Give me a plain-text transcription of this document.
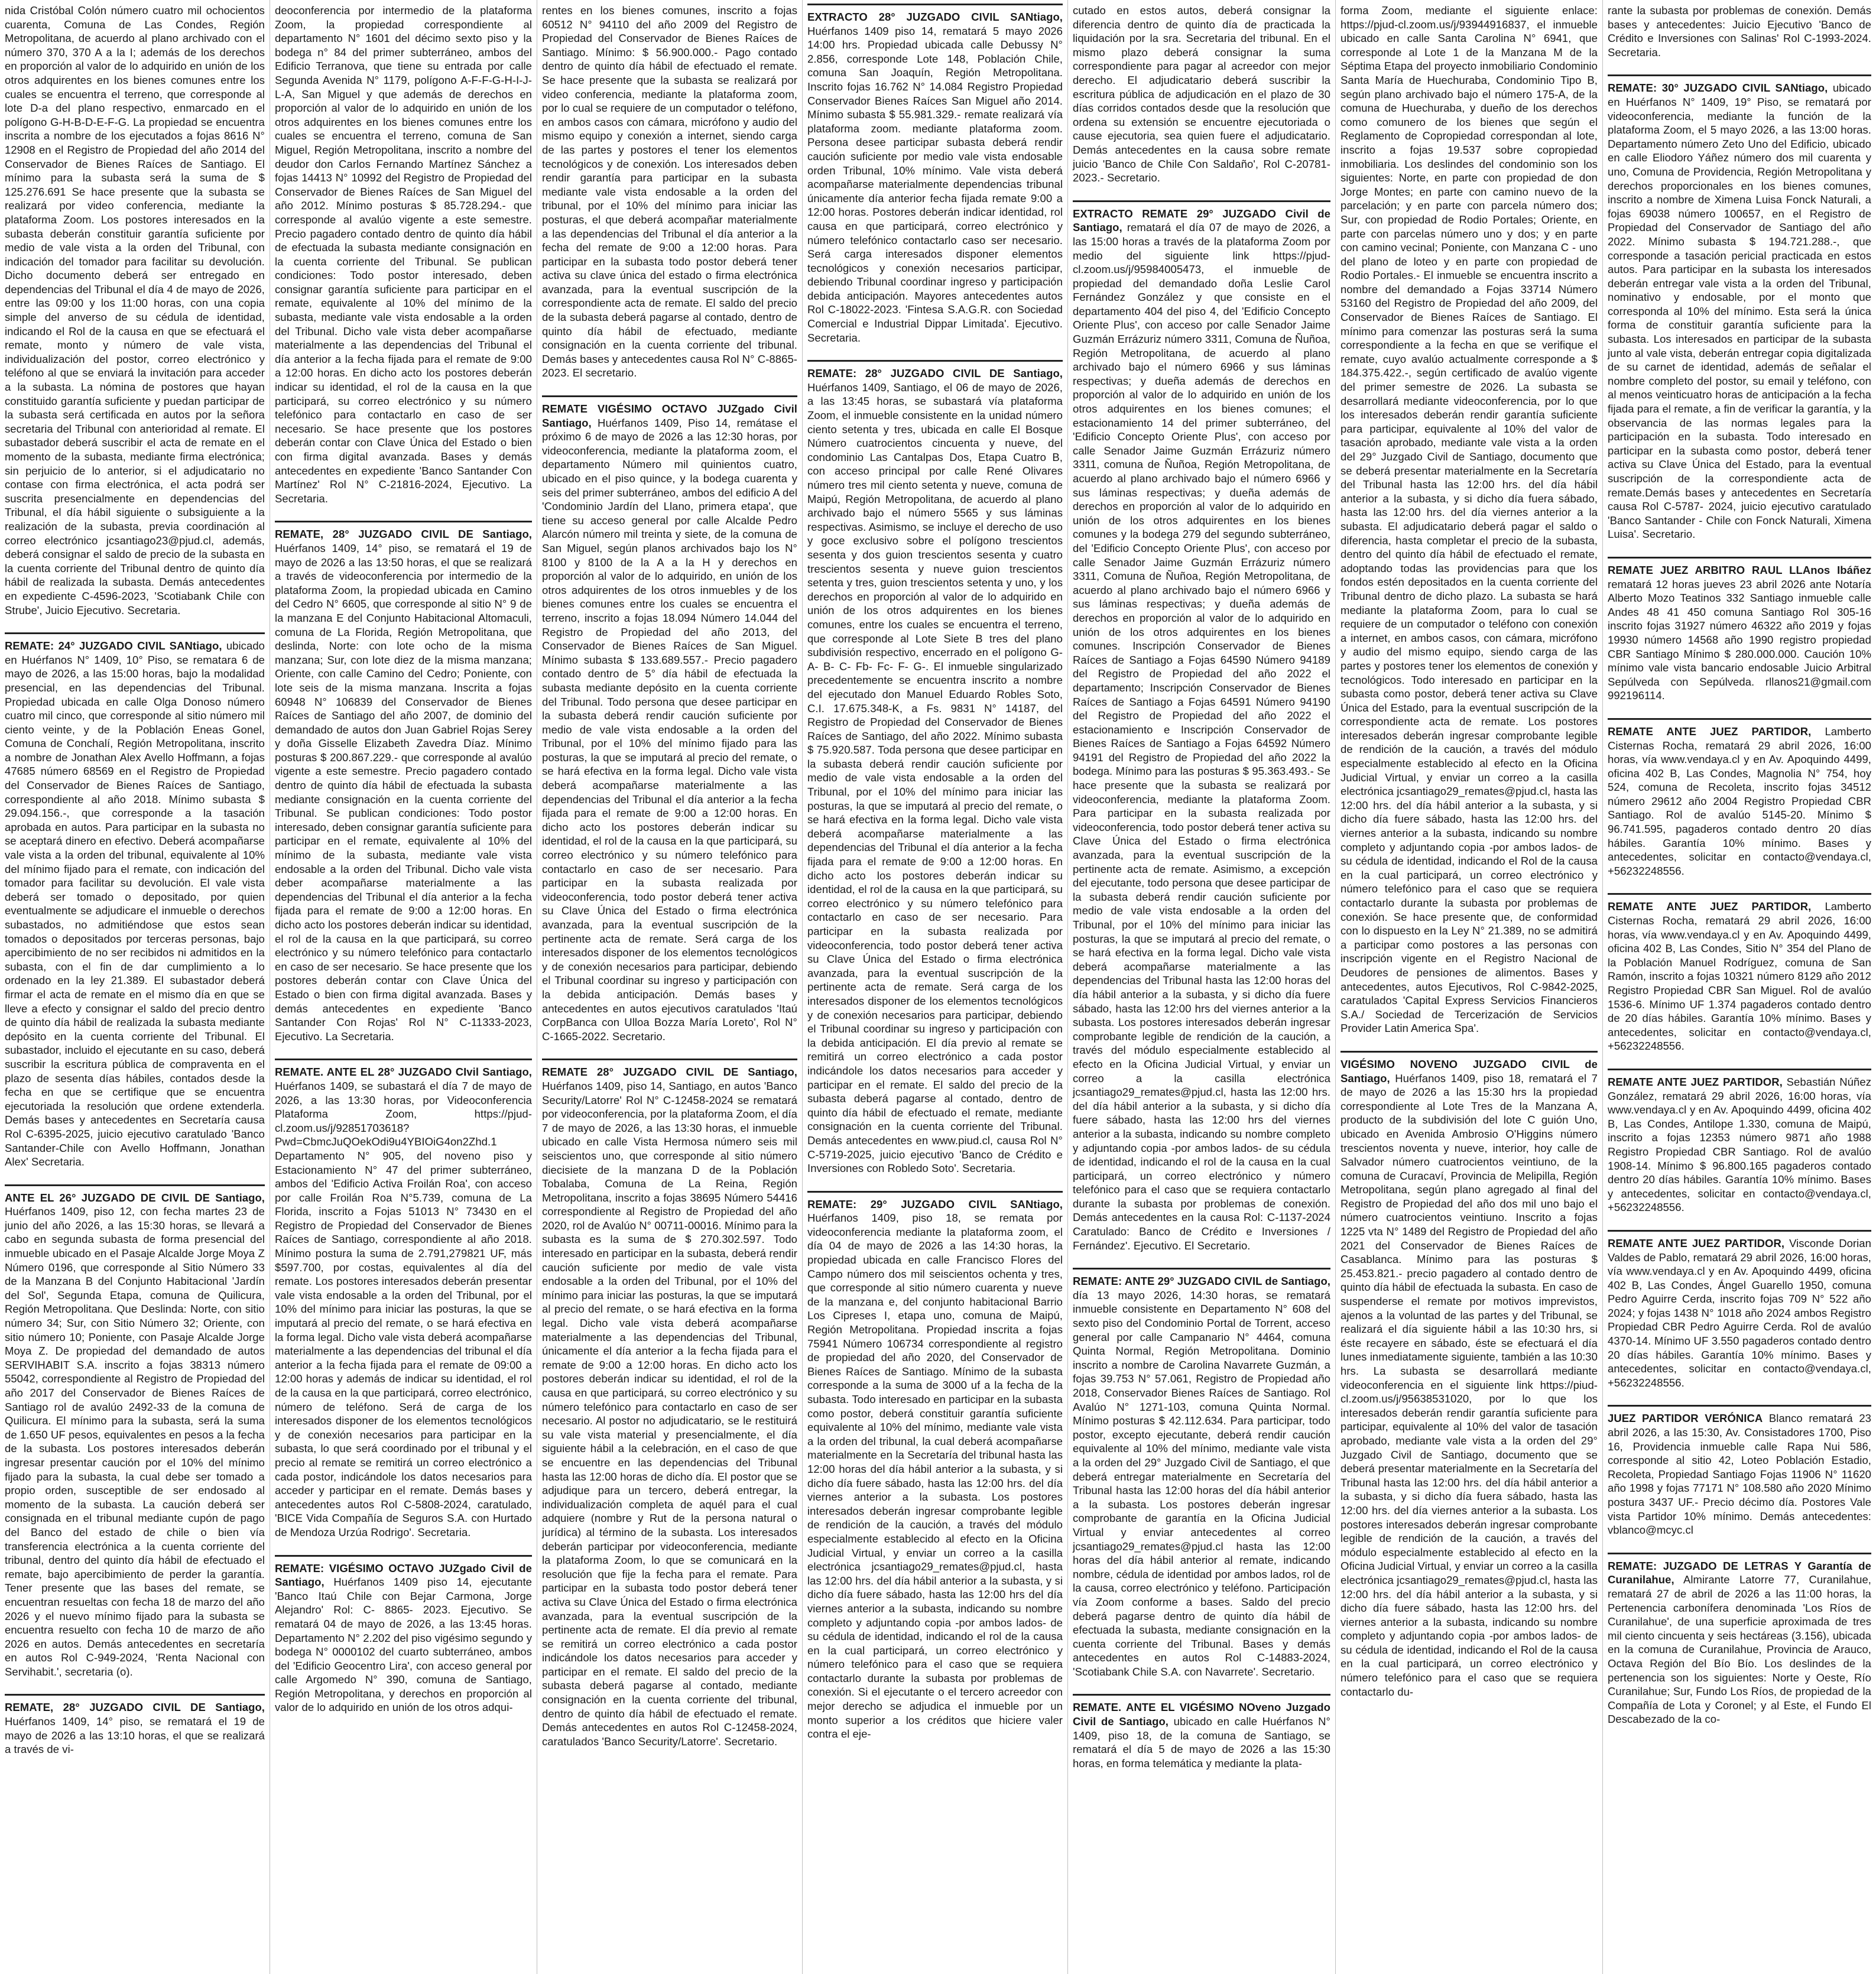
nida Cristóbal Colón número cuatro mil ochocientos cuarenta, Comuna de Las Condes, Región Metropolitana, de acuerdo al plano archivado con el número 370, 370 A a la I; además de los derechos en proporción al valor de lo adquirido en unión de los otros adquirentes en los bienes comunes entre los cuales se encuentra el terreno, que corresponde al lote D-a del plano respectivo, enmarcado en el polígono G-H-B-D-E-F-G. La propiedad se encuentra inscrita a nombre de los ejecutados a fojas 8616 N° 12908 en el Registro de Propiedad del año 2014 del Conservador de Bienes Raíces de Santiago. El mínimo para la subasta será la suma de $ 125.276.691 Se hace presente que la subasta se realizará por video conferencia, mediante la plataforma Zoom. Los postores interesados en la subasta deberán constituir garantía suficiente por medio de vale vista a la orden del Tribunal, con indicación del tomador para facilitar su devolución. Dicho documento deberá ser entregado en dependencias del Tribunal el día 4 de mayo de 2026, entre las 09:00 y los 11:00 horas, con una copia simple del anverso de su cédula de identidad, indicando el Rol de la causa en que se efectuará el remate, monto y número de vale vista, individualización del postor, correo electrónico y teléfono al que se enviará la invitación para acceder a la subasta. La nómina de postores que hayan constituido garantía suficiente y puedan participar de la subasta será certificada en autos por la señora secretaria del Tribunal con anterioridad al remate. El subastador deberá suscribir el acta de remate en el momento de la subasta, mediante firma electrónica; sin perjuicio de lo anterior, si el adjudicatario no contase con firma electrónica, el acta podrá ser suscrita presencialmente en dependencias del Tribunal, el día hábil siguiente o subsiguiente a la realización de la subasta, previa coordinación al correo electrónico jcsantiago23@pjud.cl, además, deberá consignar el saldo de precio de la subasta en la cuenta corriente del Tribunal dentro de quinto día hábil de realizada la subasta. Demás antecedentes en expediente C-4596-2023, 'Scotiabank Chile con Strube', Juicio Ejecutivo. Secretaria.

REMATE: 24° JUZGADO CIVIL SANtiago, ubicado en Huérfanos N° 1409, 10° Piso, se rematara 6 de mayo de 2026, a las 15:00 horas, bajo la modalidad presencial, en las dependencias del Tribunal. Propiedad ubicada en calle Olga Donoso número cuatro mil cinco, que corresponde al sitio número mil ciento veinte, y de la Población Eneas Gonel, Comuna de Conchalí, Región Metropolitana, inscrito a nombre de Jonathan Alex Avello Hoffmann, a fojas 47685 número 68569 en el Registro de Propiedad del Conservador de Bienes Raíces de Santiago, correspondiente al año 2018. Mínimo subasta $ 29.094.156.-, que corresponde a la tasación aprobada en autos. Para participar en la subasta no se aceptará dinero en efectivo. Deberá acompañarse vale vista a la orden del tribunal, equivalente al 10% del mínimo fijado para el remate, con indicación del tomador para facilitar su devolución. El vale vista deberá ser tomado o depositado, por quien eventualmente se adjudicare el inmueble o derechos subastados, no admitiéndose que estos sean tomados o depositados por terceras personas, bajo apercibimiento de no ser recibidos ni admitidos en la subasta, con el fin de dar cumplimiento a lo ordenado en la ley 21.389. El subastador deberá firmar el acta de remate en el mismo día en que se lleve a efecto y consignar el saldo del precio dentro de quinto día hábil de realizada la subasta mediante depósito en la cuenta corriente del Tribunal. El subastador, incluido el ejecutante en su caso, deberá suscribir la escritura pública de compraventa en el plazo de sesenta días hábiles, contados desde la fecha en que se certifique que se encuentra ejecutoriada la resolución que ordene extenderla. Demás bases y antecedentes en Secretaría causa Rol C-6395-2025, juicio ejecutivo caratulado 'Banco Santander-Chile con Avello Hoffmann, Jonathan Alex' Secretaria.

ANTE EL 26° JUZGADO DE CIVIL DE Santiago, Huérfanos 1409, piso 12, con fecha martes 23 de junio del año 2026, a las 15:30 horas, se llevará a cabo en segunda subasta de forma presencial del inmueble ubicado en el Pasaje Alcalde Jorge Moya Z Número 0196, que corresponde al Sitio Número 33 de la Manzana B del Conjunto Habitacional 'Jardín del Sol', Segunda Etapa, comuna de Quilicura, Región Metropolitana. Que Deslinda: Norte, con sitio número 34; Sur, con Sitio Número 32; Oriente, con sitio número 10; Poniente, con Pasaje Alcalde Jorge Moya Z. De propiedad del demandado de autos SERVIHABIT S.A. inscrito a fojas 38313 número 55042, correspondiente al Registro de Propiedad del año 2017 del Conservador de Bienes Raíces de Santiago rol de avalúo 2492-33 de la comuna de Quilicura. El mínimo para la subasta, será la suma de 1.650 UF pesos, equivalentes en pesos a la fecha de la subasta. Los postores interesados deberán ingresar presentar caución por el 10% del mínimo fijado para la subasta, la cual debe ser tomado a propio orden, susceptible de ser endosado al momento de la subasta. La caución deberá ser consignada en el tribunal mediante cupón de pago del Banco del estado de chile o bien vía transferencia electrónica a la cuenta corriente del tribunal, dentro del quinto día hábil de efectuado el remate, bajo apercibimiento de perder la garantía. Tener presente que las bases del remate, se encuentran resueltas con fecha 18 de marzo del año 2026 y el nuevo mínimo fijado para la subasta se encuentra resuelto con fecha 10 de marzo de año 2026 en autos. Demás antecedentes en secretaría en autos Rol C-949-2024, 'Renta Nacional con Servihabit.', secretaria (o).

REMATE, 28° JUZGADO CIVIL DE Santiago, Huérfanos 1409, 14° piso, se rematará el 19 de mayo de 2026 a las 13:10 horas, el que se realizará a través de vi-

deoconferencia por intermedio de la plataforma Zoom, la propiedad correspondiente al departamento N° 1601 del décimo sexto piso y la bodega n° 84 del primer subterráneo, ambos del Edificio Terranova, que tiene su entrada por calle Segunda Avenida N° 1179, polígono A-F-F-G-H-I-J-L-A, San Miguel y que además de derechos en proporción al valor de lo adquirido en unión de los otros adquirentes en los bienes comunes entre los cuales se encuentra el terreno, comuna de San Miguel, Región Metropolitana, inscrito a nombre del deudor don Carlos Fernando Martínez Sánchez a fojas 14413 N° 10992 del Registro de Propiedad del Conservador de Bienes Raíces de San Miguel del año 2012. Mínimo posturas $ 85.728.294.- que corresponde al avalúo vigente a este semestre. Precio pagadero contado dentro de quinto día hábil de efectuada la subasta mediante consignación en la cuenta corriente del Tribunal. Se publican condiciones: Todo postor interesado, deben consignar garantía suficiente para participar en el remate, equivalente al 10% del mínimo de la subasta, mediante vale vista endosable a la orden del Tribunal. Dicho vale vista deber acompañarse materialmente a las dependencias del Tribunal el día anterior a la fecha fijada para el remate de 9:00 a 12:00 horas. En dicho acto los postores deberán indicar su identidad, el rol de la causa en la que participará, su correo electrónico y su número telefónico para contactarlo en caso de ser necesario. Se hace presente que los postores deberán contar con Clave Única del Estado o bien con firma digital avanzada. Bases y demás antecedentes en expediente 'Banco Santander Con Martínez' Rol N° C-21816-2024, Ejecutivo. La Secretaria.

REMATE, 28° JUZGADO CIVIL DE Santiago, Huérfanos 1409, 14° piso, se rematará el 19 de mayo de 2026 a las 13:50 horas, el que se realizará a través de videoconferencia por intermedio de la plataforma Zoom, la propiedad ubicada en Camino del Cedro N° 6605, que corresponde al sitio N° 9 de la manzana E del Conjunto Habitacional Altomaculi, comuna de La Florida, Región Metropolitana, que deslinda, Norte: con lote ocho de la misma manzana; Sur, con lote diez de la misma manzana; Oriente, con calle Camino del Cedro; Poniente, con lote seis de la misma manzana. Inscrita a fojas 60948 N° 106839 del Conservador de Bienes Raíces de Santiago del año 2007, de dominio del demandado de autos don Juan Gabriel Rojas Serey y doña Gisselle Elizabeth Zavedra Díaz. Mínimo posturas $ 200.867.229.- que corresponde al avalúo vigente a este semestre. Precio pagadero contado dentro de quinto día hábil de efectuada la subasta mediante consignación en la cuenta corriente del Tribunal. Se publican condiciones: Todo postor interesado, deben consignar garantía suficiente para participar en el remate, equivalente al 10% del mínimo de la subasta, mediante vale vista endosable a la orden del Tribunal. Dicho vale vista deber acompañarse materialmente a las dependencias del Tribunal el día anterior a la fecha fijada para el remate de 9:00 a 12:00 horas. En dicho acto los postores deberán indicar su identidad, el rol de la causa en la que participará, su correo electrónico y su número telefónico para contactarlo en caso de ser necesario. Se hace presente que los postores deberán contar con Clave Única del Estado o bien con firma digital avanzada. Bases y demás antecedentes en expediente 'Banco Santander Con Rojas' Rol N° C-11333-2023, Ejecutivo. La Secretaria.

REMATE. ANTE EL 28° JUZGADO CIvil Santiago, Huérfanos 1409, se subastará el día 7 de mayo de 2026, a las 13:30 horas, por Videoconferencia Plataforma Zoom, https://pjud-cl.zoom.us/j/92851703618? Pwd=CbmcJuQOekOdi9u4YBIOiG4on2Zhd.1 Departamento N° 905, del noveno piso y Estacionamiento N° 47 del primer subterráneo, ambos del 'Edificio Activa Froilán Roa', con acceso por calle Froilán Roa N°5.739, comuna de La Florida, inscrito a Fojas 51013 N° 73430 en el Registro de Propiedad del Conservador de Bienes Raíces de Santiago, correspondiente al año 2018. Mínimo postura la suma de 2.791,279821 UF, más $597.700, por costas, equivalentes al día del remate. Los postores interesados deberán presentar vale vista endosable a la orden del Tribunal, por el 10% del mínimo para iniciar las posturas, la que se imputará al precio del remate, o se hará efectiva en la forma legal. Dicho vale vista deberá acompañarse materialmente a las dependencias del tribunal el día anterior a la fecha fijada para el remate de 09:00 a 12:00 horas y además de indicar su identidad, el rol de la causa en la que participará, correo electrónico, número de teléfono. Será de carga de los interesados disponer de los elementos tecnológicos y de conexión necesarios para participar en la subasta, lo que será coordinado por el tribunal y el precio al remate se remitirá un correo electrónico a cada postor, indicándole los datos necesarios para acceder y participar en el remate. Demás bases y antecedentes autos Rol C-5808-2024, caratulado, 'BICE Vida Compañía de Seguros S.A. con Hurtado de Mendoza Urzúa Rodrigo'. Secretaria.

REMATE: VIGÉSIMO OCTAVO JUZgado Civil de Santiago, Huérfanos 1409 piso 14, ejecutante 'Banco Itaú Chile con Bejar Carmona, Jorge Alejandro' Rol: C- 8865- 2023. Ejecutivo. Se rematará 04 de mayo de 2026, a las 13:45 horas. Departamento N° 2.202 del piso vigésimo segundo y bodega N° 0000102 del cuarto subterráneo, ambos del 'Edificio Geocentro Lira', con acceso general por calle Argomedo N° 390, comuna de Santiago, Región Metropolitana, y derechos en proporción al valor de lo adquirido en unión de los otros adqui-

rentes en los bienes comunes, inscrito a fojas 60512 N° 94110 del año 2009 del Registro de Propiedad del Conservador de Bienes Raíces de Santiago. Mínimo: $ 56.900.000.- Pago contado dentro de quinto día hábil de efectuado el remate. Se hace presente que la subasta se realizará por video conferencia, mediante la plataforma zoom, por lo cual se requiere de un computador o teléfono, en ambos casos con cámara, micrófono y audio del mismo equipo y conexión a internet, siendo carga de las partes y postores el tener los elementos tecnológicos y de conexión. Los interesados deben rendir garantía para participar en la subasta mediante vale vista endosable a la orden del tribunal, por el 10% del mínimo para iniciar las posturas, el que deberá acompañar materialmente a las dependencias del Tribunal el día anterior a la fecha del remate de 9:00 a 12:00 horas. Para participar en la subasta todo postor deberá tener activa su clave única del estado o firma electrónica avanzada, para la eventual suscripción de la correspondiente acta de remate. El saldo del precio de la subasta deberá pagarse al contado, dentro de quinto día hábil de efectuado, mediante consignación en la cuenta corriente del tribunal. Demás bases y antecedentes causa Rol N° C-8865-2023. El secretario.

REMATE VIGÉSIMO OCTAVO JUZgado Civil Santiago, Huérfanos 1409, Piso 14, remátase el próximo 6 de mayo de 2026 a las 12:30 horas, por videoconferencia, mediante la plataforma zoom, el departamento Número mil quinientos cuatro, ubicado en el piso quince, y la bodega cuarenta y seis del primer subterráneo, ambos del edificio A del 'Condominio Jardín del Llano, primera etapa', que tiene su acceso general por calle Alcalde Pedro Alarcón número mil treinta y siete, de la comuna de San Miguel, según planos archivados bajo los N° 8100 y 8100 de la A a la H y derechos en proporción al valor de lo adquirido, en unión de los otros adquirentes de los otros inmuebles y de los bienes comunes entre los cuales se encuentra el terreno, inscrito a fojas 18.094 Número 14.044 del Registro de Propiedad del año 2013, del Conservador de Bienes Raíces de San Miguel. Mínimo subasta $ 133.689.557.- Precio pagadero contado dentro de 5° día hábil de efectuada la subasta mediante depósito en la cuenta corriente del Tribunal. Todo persona que desee participar en la subasta deberá rendir caución suficiente por medio de vale vista endosable a la orden del Tribunal, por el 10% del mínimo fijado para las posturas, la que se imputará al precio del remate, o se hará efectiva en la forma legal. Dicho vale vista deberá acompañarse materialmente a las dependencias del Tribunal el día anterior a la fecha fijada para el remate de 9:00 a 12:00 horas. En dicho acto los postores deberán indicar su identidad, el rol de la causa en la que participará, su correo electrónico y su número telefónico para contactarlo en caso de ser necesario. Para participar en la subasta realizada por videoconferencia, todo postor deberá tener activa su Clave Única del Estado o firma electrónica avanzada, para la eventual suscripción de la pertinente acta de remate. Será carga de los interesados disponer de los elementos tecnológicos y de conexión necesarios para participar, debiendo el Tribunal coordinar su ingreso y participación con la debida anticipación. Demás bases y antecedentes en autos ejecutivos caratulados 'Itaú CorpBanca con Ulloa Bozza María Loreto', Rol N° C-1665-2022. Secretario.

REMATE 28° JUZGADO CIVIL DE Santiago, Huérfanos 1409, piso 14, Santiago, en autos 'Banco Security/Latorre' Rol N° C-12458-2024 se rematará por videoconferencia, por la plataforma Zoom, el día 7 de mayo de 2026, a las 13:30 horas, el inmueble ubicado en calle Vista Hermosa número seis mil seiscientos uno, que corresponde al sitio número diecisiete de la manzana D de la Población Tobalaba, Comuna de La Reina, Región Metropolitana, inscrito a fojas 38695 Número 54416 correspondiente al Registro de Propiedad del año 2020, rol de Avalúo N° 00711-00016. Mínimo para la subasta es la suma de $ 270.302.597. Todo interesado en participar en la subasta, deberá rendir caución suficiente por medio de vale vista endosable a la orden del Tribunal, por el 10% del mínimo para iniciar las posturas, la que se imputará al precio del remate, o se hará efectiva en la forma legal. Dicho vale vista deberá acompañarse materialmente a las dependencias del Tribunal, únicamente el día anterior a la fecha fijada para el remate de 9:00 a 12:00 horas. En dicho acto los postores deberán indicar su identidad, el rol de la causa en que participará, su correo electrónico y su número telefónico para contactarlo en caso de ser necesario. Al postor no adjudicatario, se le restituirá su vale vista material y presencialmente, el día siguiente hábil a la celebración, en el caso de que se encuentre en las dependencias del Tribunal hasta las 12:00 horas de dicho día. El postor que se adjudique para un tercero, deberá entregar, la individualización completa de aquél para el cual adquiere (nombre y Rut de la persona natural o jurídica) al término de la subasta. Los interesados deberán participar por videoconferencia, mediante la plataforma Zoom, lo que se comunicará en la resolución que fije la fecha para el remate. Para participar en la subasta todo postor deberá tener activa su Clave Única del Estado o firma electrónica avanzada, para la eventual suscripción de la pertinente acta de remate. El día previo al remate se remitirá un correo electrónico a cada postor indicándole los datos necesarios para acceder y participar en el remate. El saldo del precio de la subasta deberá pagarse al contado, mediante consignación en la cuenta corriente del tribunal, dentro de quinto día hábil de efectuado el remate. Demás antecedentes en autos Rol C-12458-2024, caratulados 'Banco Security/Latorre'. Secretario.

EXTRACTO 28° JUZGADO CIVIL SANtiago, Huérfanos 1409 piso 14, rematará 5 mayo 2026 14:00 hrs. Propiedad ubicada calle Debussy N° 2.856, corresponde Lote 148, Población Chile, comuna San Joaquín, Región Metropolitana. Inscrito fojas 16.762 N° 14.084 Registro Propiedad Conservador Bienes Raíces San Miguel año 2014. Mínimo subasta $ 55.981.329.- remate realizará vía plataforma zoom. mediante plataforma zoom. Persona desee participar subasta deberá rendir caución suficiente por medio vale vista endosable orden Tribunal, 10% mínimo. Vale vista deberá acompañarse materialmente dependencias tribunal únicamente día anterior fecha fijada remate 9:00 a 12:00 horas. Postores deberán indicar identidad, rol causa en que participará, correo electrónico y número telefónico contactarlo caso ser necesario. Será carga interesados disponer elementos tecnológicos y conexión necesarios participar, debiendo Tribunal coordinar ingreso y participación debida anticipación. Mayores antecedentes autos Rol C-18022-2023. 'Fintesa S.A.G.R. con Sociedad Comercial e Industrial Dippar Limitada'. Ejecutivo. Secretaria.

REMATE: 28° JUZGADO CIVIL DE Santiago, Huérfanos 1409, Santiago, el 06 de mayo de 2026, a las 13:45 horas, se subastará vía plataforma Zoom, el inmueble consistente en la unidad número ciento setenta y tres, ubicada en calle El Bosque Número cuatrocientos cincuenta y nueve, del condominio Las Cantalpas Dos, Etapa Cuatro B, con acceso principal por calle René Olivares número tres mil ciento setenta y nueve, comuna de Maipú, Región Metropolitana, de acuerdo al plano archivado bajo el número 5565 y sus láminas respectivas. Asimismo, se incluye el derecho de uso y goce exclusivo sobre el polígono trescientos sesenta y dos guion trescientos sesenta y cuatro trescientos sesenta y nueve guion trescientos setenta y tres, guion trescientos setenta y uno, y los derechos en proporción al valor de lo adquirido en unión de los otros adquirentes en los bienes comunes, entre los cuales se encuentra el terreno, que corresponde al Lote Siete B tres del plano subdivisión respectivo, encerrado en el polígono G- A- B- C- Fb- Fc- F- G-. El inmueble singularizado precedentemente se encuentra inscrito a nombre del ejecutado don Manuel Eduardo Robles Soto, C.I. 17.675.348-K, a Fs. 9831 N° 14187, del Registro de Propiedad del Conservador de Bienes Raíces de Santiago, del año 2022. Mínimo subasta $ 75.920.587. Toda persona que desee participar en la subasta deberá rendir caución suficiente por medio de vale vista endosable a la orden del Tribunal, por el 10% del mínimo para iniciar las posturas, la que se imputará al precio del remate, o se hará efectiva en la forma legal. Dicho vale vista deberá acompañarse materialmente a las dependencias del Tribunal el día anterior a la fecha fijada para el remate de 9:00 a 12:00 horas. En dicho acto los postores deberán indicar su identidad, el rol de la causa en la que participará, su correo electrónico y su número telefónico para contactarlo en caso de ser necesario. Para participar en la subasta realizada por videoconferencia, todo postor deberá tener activa su Clave Única del Estado o firma electrónica avanzada, para la eventual suscripción de la pertinente acta de remate. Será carga de los interesados disponer de los elementos tecnológicos y de conexión necesarios para participar, debiendo el Tribunal coordinar su ingreso y participación con la debida anticipación. El día previo al remate se remitirá un correo electrónico a cada postor indicándole los datos necesarios para acceder y participar en el remate. El saldo del precio de la subasta deberá pagarse al contado, dentro de quinto día hábil de efectuado el remate, mediante consignación en la cuenta corriente del Tribunal. Demás antecedentes en www.piud.cl, causa Rol N° C-5719-2025, juicio ejecutivo 'Banco de Crédito e Inversiones con Robledo Soto'. Secretaria.

REMATE: 29° JUZGADO CIVIL SANtiago, Huérfanos 1409, piso 18, se remata por videoconferencia mediante la plataforma zoom, el día 04 de mayo de 2026 a las 14:30 horas, la propiedad ubicada en calle Francisco Flores del Campo número dos mil seiscientos ochenta y tres, que corresponde al sitio número cuarenta y nueve de la manzana e, del conjunto habitacional Barrio Los Cipreses I, etapa uno, comuna de Maipú, Región Metropolitana. Propiedad inscrita a fojas 75941 Número 106734 correspondiente al registro de propiedad del año 2020, del Conservador de Bienes Raíces de Santiago. Mínimo de la subasta corresponde a la suma de 3000 uf a la fecha de la subasta. Todo interesado en participar en la subasta como postor, deberá constituir garantía suficiente equivalente al 10% del mínimo, mediante vale vista a la orden del tribunal, la cual deberá acompañarse materialmente en la Secretaría del tribunal hasta las 12:00 horas del día hábil anterior a la subasta, y si dicho día fuere sábado, hasta las 12:00 hrs. del día viernes anterior a la subasta. Los postores interesados deberán ingresar comprobante legible de rendición de la caución, a través del módulo especialmente establecido al efecto en la Oficina Judicial Virtual, y enviar un correo a la casilla electrónica jcsantiago29_remates@pjud.cl, hasta las 12:00 hrs. del día hábil anterior a la subasta, y si dicho día fuere sábado, hasta las 12:00 hrs del día viernes anterior a la subasta, indicando su nombre completo y adjuntando copia -por ambos lados- de su cédula de identidad, indicando el rol de la causa en la cual participará, un correo electrónico y número telefónico para el caso que se requiera contactarlo durante la subasta por problemas de conexión. Si el ejecutante o el tercero acreedor con mejor derecho se adjudica el inmueble por un monto superior a los créditos que hiciere valer contra el eje-

cutado en estos autos, deberá consignar la diferencia dentro de quinto día de practicada la liquidación por la sra. Secretaria del tribunal. En el mismo plazo deberá consignar la suma correspondiente para pagar al acreedor con mejor derecho. El adjudicatario deberá suscribir la escritura pública de adjudicación en el plazo de 30 días corridos contados desde que la resolución que ordena su extensión se encuentre ejecutoriada o cause ejecutoria, sea quien fuere el adjudicatario. Demás antecedentes en la causa sobre remate juicio 'Banco de Chile Con Saldaño', Rol C-20781-2023.- Secretario.

EXTRACTO REMATE 29° JUZGADO Civil de Santiago, rematará el día 07 de mayo de 2026, a las 15:00 horas a través de la plataforma Zoom por medio del siguiente link https://pjud-cl.zoom.us/j/95984005473, el inmueble de propiedad del demandado doña Leslie Carol Fernández González y que consiste en el departamento 404 del piso 4, del 'Edificio Concepto Oriente Plus', con acceso por calle Senador Jaime Guzmán Errázuriz número 3311, Comuna de Ñuñoa, Región Metropolitana, de acuerdo al plano archivado bajo el número 6966 y sus láminas respectivas; y dueña además de derechos en proporción al valor de lo adquirido en unión de los otros adquirentes en los bienes comunes; el estacionamiento 14 del primer subterráneo, del 'Edificio Concepto Oriente Plus', con acceso por calle Senador Jaime Guzmán Errázuriz número 3311, comuna de Ñuñoa, Región Metropolitana, de acuerdo al plano archivado bajo el número 6966 y sus láminas respectivas; y dueña además de derechos en proporción al valor de lo adquirido en unión de los otros adquirentes en los bienes comunes y la bodega 279 del segundo subterráneo, del 'Edificio Concepto Oriente Plus', con acceso por calle Senador Jaime Guzmán Errázuriz número 3311, Comuna de Ñuñoa, Región Metropolitana, de acuerdo al plano archivado bajo el número 6966 y sus láminas respectivas; y dueña además de derechos en proporción al valor de lo adquirido en unión de los otros adquirentes en los bienes comunes. Inscripción Conservador de Bienes Raíces de Santiago a Fojas 64590 Número 94189 del Registro de Propiedad del año 2022 el departamento; Inscripción Conservador de Bienes Raíces de Santiago a Fojas 64591 Número 94190 del Registro de Propiedad del año 2022 el estacionamiento e Inscripción Conservador de Bienes Raíces de Santiago a Fojas 64592 Número 94191 del Registro de Propiedad del año 2022 la bodega. Mínimo para las posturas $ 95.363.493.- Se hace presente que la subasta se realizará por videoconferencia, mediante la plataforma Zoom. Para participar en la subasta realizada por videoconferencia, todo postor deberá tener activa su Clave Única del Estado o firma electrónica avanzada, para la eventual suscripción de la pertinente acta de remate. Asimismo, a excepción del ejecutante, todo persona que desee participar de la subasta deberá rendir caución suficiente por medio de vale vista endosable a la orden del Tribunal, por el 10% del mínimo para iniciar las posturas, la que se imputará al precio del remate, o se hará efectiva en la forma legal. Dicho vale vista deberá acompañarse materialmente a las dependencias del Tribunal hasta las 12:00 horas del día hábil anterior a la subasta, y si dicho día fuere sábado, hasta las 12:00 hrs del viernes anterior a la subasta. Los postores interesados deberán ingresar comprobante legible de rendición de la caución, a través del módulo especialmente establecido al efecto en la Oficina Judicial Virtual, y enviar un correo a la casilla electrónica jcsantiago29_remates@pjud.cl, hasta las 12:00 hrs. del día hábil anterior a la subasta, y si dicho día fuere sábado, hasta las 12:00 hrs del viernes anterior a la subasta, indicando su nombre completo y adjuntando copia -por ambos lados- de su cédula de identidad, indicando el rol de la causa en la cual participará, un correo electrónico y número telefónico para el caso que se requiera contactarlo durante la subasta por problemas de conexión. Demás antecedentes en la causa Rol: C-1137-2024 Caratulado: Banco de Crédito e Inversiones / Fernández'. Ejecutivo. El Secretario.

REMATE: ANTE 29° JUZGADO CIVIL de Santiago, día 13 mayo 2026, 14:30 horas, se rematará inmueble consistente en Departamento N° 608 del sexto piso del Condominio Portal de Torrent, acceso general por calle Campanario N° 4464, comuna Quinta Normal, Región Metropolitana. Dominio inscrito a nombre de Carolina Navarrete Guzmán, a fojas 39.753 N° 57.061, Registro de Propiedad año 2018, Conservador Bienes Raíces de Santiago. Rol Avalúo N° 1271-103, comuna Quinta Normal. Mínimo posturas $ 42.112.634. Para participar, todo postor, excepto ejecutante, deberá rendir caución equivalente al 10% del mínimo, mediante vale vista a la orden del 29° Juzgado Civil de Santiago, el que deberá entregar materialmente en Secretaría del Tribunal hasta las 12:00 horas del día hábil anterior a la subasta. Los postores deberán ingresar comprobante de garantía en la Oficina Judicial Virtual y enviar antecedentes al correo jcsantiago29_remates@pjud.cl hasta las 12:00 horas del día hábil anterior al remate, indicando nombre, cédula de identidad por ambos lados, rol de la causa, correo electrónico y teléfono. Participación vía Zoom conforme a bases. Saldo del precio deberá pagarse dentro de quinto día hábil de efectuada la subasta, mediante consignación en la cuenta corriente del Tribunal. Bases y demás antecedentes en autos Rol C-14883-2024, 'Scotiabank Chile S.A. con Navarrete'. Secretario.

REMATE. ANTE EL VIGÉSIMO NOveno Juzgado Civil de Santiago, ubicado en calle Huérfanos N° 1409, piso 18, de la comuna de Santiago, se rematará el día 5 de mayo de 2026 a las 15:30 horas, en forma telemática y mediante la plata-

forma Zoom, mediante el siguiente enlace: https://pjud-cl.zoom.us/j/93944916837, el inmueble ubicado en calle Santa Carolina N° 6941, que corresponde al Lote 1 de la Manzana M de la Séptima Etapa del proyecto inmobiliario Condominio Santa María de Huechuraba, Condominio Tipo B, según plano archivado bajo el número 175-A, de la comuna de Huechuraba, y dueño de los derechos como comunero de los bienes que según el Reglamento de Copropiedad correspondan al lote, inscrito a fojas 19.537 sobre copropiedad inmobiliaria. Los deslindes del condominio son los siguientes: Norte, en parte con propiedad de don Jorge Montes; en parte con camino nuevo de la parcelación; y en parte con parcela número dos; Sur, con propiedad de Rodio Portales; Oriente, en parte con parcelas número uno y dos; y en parte con camino vecinal; Poniente, con Manzana C - uno del plano de loteo y en parte con propiedad de Rodio Portales.- El inmueble se encuentra inscrito a nombre del demandado a Fojas 33714 Número 53160 del Registro de Propiedad del año 2009, del Conservador de Bienes Raíces de Santiago. El mínimo para comenzar las posturas será la suma correspondiente a la fecha en que se verifique el remate, cuyo avalúo actualmente corresponde a $ 184.375.422.-, según certificado de avalúo vigente del primer semestre de 2026. La subasta se desarrollará mediante videoconferencia, por lo que los interesados deberán rendir garantía suficiente para participar, equivalente al 10% del valor de tasación aprobado, mediante vale vista a la orden del 29° Juzgado Civil de Santiago, documento que se deberá presentar materialmente en la Secretaría del Tribunal hasta las 12:00 hrs. del día hábil anterior a la subasta, y si dicho día fuera sábado, hasta las 12:00 hrs. del día viernes anterior a la subasta. El adjudicatario deberá pagar el saldo o diferencia, hasta completar el precio de la subasta, dentro del quinto día hábil de efectuado el remate, adoptando todas las providencias para que los fondos estén depositados en la cuenta corriente del Tribunal dentro de dicho plazo. La subasta se hará mediante la plataforma Zoom, para lo cual se requiere de un computador o teléfono con conexión a internet, en ambos casos, con cámara, micrófono y audio del mismo equipo, siendo carga de las partes y postores tener los elementos de conexión y tecnológicos. Todo interesado en participar en la subasta como postor, deberá tener activa su Clave Única del Estado, para la eventual suscripción de la correspondiente acta de remate. Los postores interesados deberán ingresar comprobante legible de rendición de la caución, a través del módulo especialmente establecido al efecto en la Oficina Judicial Virtual, y enviar un correo a la casilla electrónica jcsantiago29_remates@pjud.cl, hasta las 12:00 hrs. del día hábil anterior a la subasta, y si dicho día fuere sábado, hasta las 12:00 hrs. del viernes anterior a la subasta, indicando su nombre completo y adjuntando copia -por ambos lados- de su cédula de identidad, indicando el Rol de la causa en la cual participará, un correo electrónico y número telefónico para el caso que se requiera contactarlo durante la subasta por problemas de conexión. Se hace presente que, de conformidad con lo dispuesto en la Ley N° 21.389, no se admitirá a participar como postores a las personas con inscripción vigente en el Registro Nacional de Deudores de pensiones de alimentos. Bases y antecedentes, autos Ejecutivos, Rol C-9842-2025, caratulados 'Capital Express Servicios Financieros S.A./ Sociedad de Tercerización de Servicios Provider Latin America Spa'.

VIGÉSIMO NOVENO JUZGADO CIVIL de Santiago, Huérfanos 1409, piso 18, rematará el 7 de mayo de 2026 a las 15:30 hrs la propiedad correspondiente al Lote Tres de la Manzana A, producto de la subdivisión del lote C guión Uno, ubicado en Avenida Ambrosio O'Higgins número trescientos noventa y nueve, interior, hoy calle de Salvador número cuatrocientos veintiuno, de la comuna de Curacaví, Provincia de Melipilla, Región Metropolitana, según plano agregado al final del Registro de Propiedad del año dos mil uno bajo el número cuatrocientos veintiuno. Inscrito a fojas 1225 vta N° 1489 del Registro de Propiedad del año 2021 del Conservador de Bienes Raíces de Casablanca. Mínimo para las posturas $ 25.453.821.- precio pagadero al contado dentro de quinto día hábil de efectuada la subasta. En caso de suspenderse el remate por motivos imprevistos, ajenos a la voluntad de las partes y del Tribunal, se realizará el día siguiente hábil a las 10:30 hrs, si éste recayere en sábado, éste se efectuará el día lunes inmediatamente siguiente, también a las 10:30 hrs. La subasta se desarrollará mediante videoconferencia en el siguiente link https://piud-cl.zoom.us/j/95638531020, por lo que los interesados deberán rendir garantía suficiente para participar, equivalente al 10% del valor de tasación aprobado, mediante vale vista a la orden del 29° Juzgado Civil de Santiago, documento que se deberá presentar materialmente en la Secretaría del Tribunal hasta las 12:00 hrs. del día hábil anterior a la subasta, y si dicho día fuera sábado, hasta las 12:00 hrs. del día viernes anterior a la subasta. Los postores interesados deberán ingresar comprobante legible de rendición de la caución, a través del módulo especialmente establecido al efecto en la Oficina Judicial Virtual, y enviar un correo a la casilla electrónica jcsantiago29_remates@pjud.cl, hasta las 12:00 hrs. del día hábil anterior a la subasta, y si dicho día fuere sábado, hasta las 12:00 hrs. del viernes anterior a la subasta, indicando su nombre completo y adjuntando copia -por ambos lados- de su cédula de identidad, indicando el Rol de la causa en la cual participará, un correo electrónico y número telefónico para el caso que se requiera contactarlo du-

rante la subasta por problemas de conexión. Demás bases y antecedentes: Juicio Ejecutivo 'Banco de Crédito e Inversiones con Salinas' Rol C-1993-2024. Secretaria.

REMATE: 30° JUZGADO CIVIL SANtiago, ubicado en Huérfanos N° 1409, 19° Piso, se rematará por videoconferencia, mediante la función de la plataforma Zoom, el 5 mayo 2026, a las 13:00 horas. Departamento número Zeto Uno del Edificio, ubicado en calle Eliodoro Yáñez número dos mil cuarenta y uno, Comuna de Providencia, Región Metropolitana y derechos proporcionales en los bienes comunes, inscrito a nombre de Ximena Luisa Fonck Naturali, a fojas 69038 número 100657, en el Registro de Propiedad del Conservador de Santiago del año 2022. Mínimo subasta $ 194.721.288.-, que corresponde a tasación pericial practicada en estos autos. Para participar en la subasta los interesados deberán entregar vale vista a la orden del Tribunal, nominativo y endosable, por el monto que corresponda al 10% del mínimo. Esta será la única forma de constituir garantía suficiente para la subasta. Los interesados en participar de la subasta junto al vale vista, deberán entregar copia digitalizada de su carnet de identidad, además de señalar el nombre completo del postor, su email y teléfono, con al menos veinticuatro horas de anticipación a la fecha fijada para el remate, a fin de verificar la garantía, y la observancia de las normas legales para la participación en la subasta. Todo interesado en participar en la subasta como postor, deberá tener activa su Clave Única del Estado, para la eventual suscripción de la correspondiente acta de remate.Demás bases y antecedentes en Secretaría causa Rol C-5787- 2024, juicio ejecutivo caratulado 'Banco Santander - Chile con Fonck Naturali, Ximena Luisa'. Secretario.

REMATE JUEZ ARBITRO RAUL LLAnos Ibáñez rematará 12 horas jueves 23 abril 2026 ante Notaría Alberto Mozo Teatinos 332 Santiago inmueble calle Andes 48 41 450 comuna Santiago Rol 305-16 inscrito fojas 31927 número 46322 año 2019 y fojas 19930 número 14568 año 1990 registro propiedad CBR Santiago Mínimo $ 280.000.000. Caución 10% mínimo vale vista bancario endosable Juicio Arbitral Sepúlveda con Sepúlveda. rllanos21@gmail.com 992196114.

REMATE ANTE JUEZ PARTIDOR, Lamberto Cisternas Rocha, rematará 29 abril 2026, 16:00 horas, vía www.vendaya.cl y en Av. Apoquindo 4499, oficina 402 B, Las Condes, Magnolia N° 754, hoy 524, comuna de Recoleta, inscrito fojas 34512 número 29612 año 2004 Registro Propiedad CBR Santiago. Rol de avalúo 5145-20. Mínimo $ 96.741.595, pagaderos contado dentro 20 días hábiles. Garantía 10% mínimo. Bases y antecedentes, solicitar en contacto@vendaya.cl, +56232248556.

REMATE ANTE JUEZ PARTIDOR, Lamberto Cisternas Rocha, rematará 29 abril 2026, 16:00 horas, vía www.vendaya.cl y en Av. Apoquindo 4499, oficina 402 B, Las Condes, Sitio N° 354 del Plano de la Población Manuel Rodríguez, comuna de San Ramón, inscrito a fojas 10321 número 8129 año 2012 Registro Propiedad CBR San Miguel. Rol de avalúo 1536-6. Mínimo UF 1.374 pagaderos contado dentro de 20 días hábiles. Garantía 10% mínimo. Bases y antecedentes, solicitar en contacto@vendaya.cl, +56232248556.

REMATE ANTE JUEZ PARTIDOR, Sebastián Núñez González, rematará 29 abril 2026, 16:00 horas, vía www.vendaya.cl y en Av. Apoquindo 4499, oficina 402 B, Las Condes, Antilope 1.330, comuna de Maipú, inscrito a fojas 12353 número 9871 año 1988 Registro Propiedad CBR Santiago. Rol de avalúo 1908-14. Mínimo $ 96.800.165 pagaderos contado dentro 20 días hábiles. Garantía 10% mínimo. Bases y antecedentes, solicitar en contacto@vendaya.cl, +56232248556.

REMATE ANTE JUEZ PARTIDOR, Visconde Dorian Valdes de Pablo, rematará 29 abril 2026, 16:00 horas, vía www.vendaya.cl y en Av. Apoquindo 4499, oficina 402 B, Las Condes, Ángel Guarello 1950, comuna Pedro Aguirre Cerda, inscrito fojas 709 N° 522 año 2024; y fojas 1438 N° 1018 año 2024 ambos Registro Propiedad CBR Pedro Aguirre Cerda. Rol de avalúo 4370-14. Mínimo UF 3.550 pagaderos contado dentro 20 días hábiles. Garantía 10% mínimo. Bases y antecedentes, solicitar en contacto@vendaya.cl, +56232248556.

JUEZ PARTIDOR VERÓNICA Blanco rematará 23 abril 2026, a las 15:30, Av. Consistadores 1700, Piso 16, Providencia inmueble calle Rapa Nui 586, corresponde al sitio 42, Loteo Población Estadio, Recoleta, Propiedad Santiago Fojas 11906 N° 11620 año 1998 y fojas 77171 N° 108.580 año 2020 Mínimo postura 3437 UF.- Precio décimo día. Postores Vale vista Partidor 10% mínimo. Demás antecedentes: vblanco@mcyc.cl

REMATE: JUZGADO DE LETRAS Y Garantía de Curanilahue, Almirante Latorre 77, Curanilahue, rematará 27 de abril de 2026 a las 11:00 horas, la Pertenencia carbonífera denominada 'Los Ríos de Curanilahue', de una superficie aproximada de tres mil ciento cincuenta y seis hectáreas (3.156), ubicada en la comuna de Curanilahue, Provincia de Arauco, Octava Región del Bío Bío. Los deslindes de la pertenencia son los siguientes: Norte y Oeste, Río Curanilahue; Sur, Fundo Los Ríos, de propiedad de la Compañía de Lota y Coronel; y al Este, el Fundo El Descabezado de la co-
